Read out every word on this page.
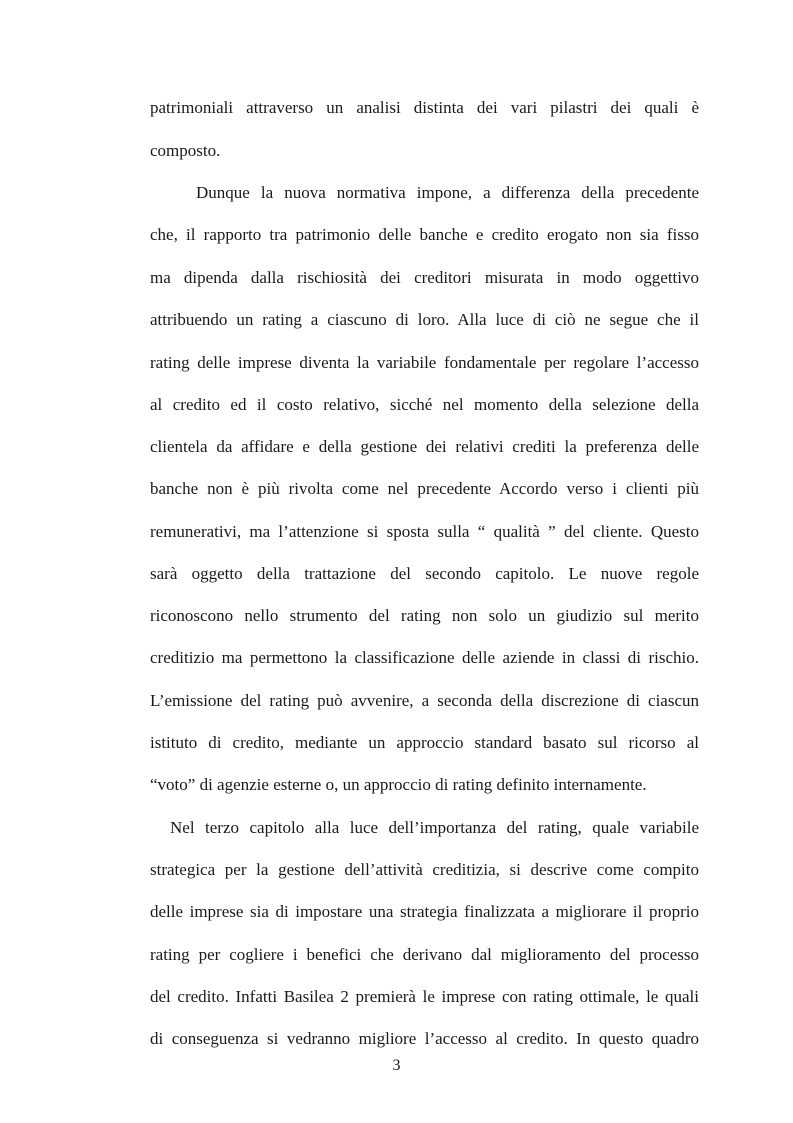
patrimoniali attraverso un analisi distinta dei vari pilastri dei quali è
composto.
Dunque la nuova normativa impone, a differenza della precedente
che, il rapporto tra patrimonio delle banche e credito erogato non sia fisso
ma dipenda dalla rischiosità dei creditori misurata in modo oggettivo
attribuendo un rating a ciascuno di loro. Alla luce di ciò ne segue che il
rating delle imprese diventa la variabile fondamentale per regolare l’accesso
al credito ed il costo relativo, sicché nel momento della selezione della
clientela da affidare e della gestione dei relativi crediti la preferenza delle
banche non è più rivolta come nel precedente Accordo verso i clienti più
remunerativi, ma l’attenzione si sposta sulla “ qualità ” del cliente. Questo
sarà oggetto della trattazione del secondo capitolo. Le nuove regole
riconoscono nello strumento del rating non solo un giudizio sul merito
creditizio ma permettono la classificazione delle aziende in classi di rischio.
L’emissione del rating può avvenire, a seconda della discrezione di ciascun
istituto di credito, mediante un approccio standard basato sul ricorso al
“voto” di agenzie esterne o, un approccio di rating definito internamente.
Nel terzo capitolo alla luce dell’importanza del rating, quale variabile
strategica per la gestione dell’attività creditizia, si descrive come compito
delle imprese sia di impostare una strategia finalizzata a migliorare il proprio
rating per cogliere i benefici che derivano dal miglioramento del processo
del credito. Infatti Basilea 2 premierà le imprese con rating ottimale, le quali
di conseguenza si vedranno migliore l’accesso al credito. In questo quadro
3
